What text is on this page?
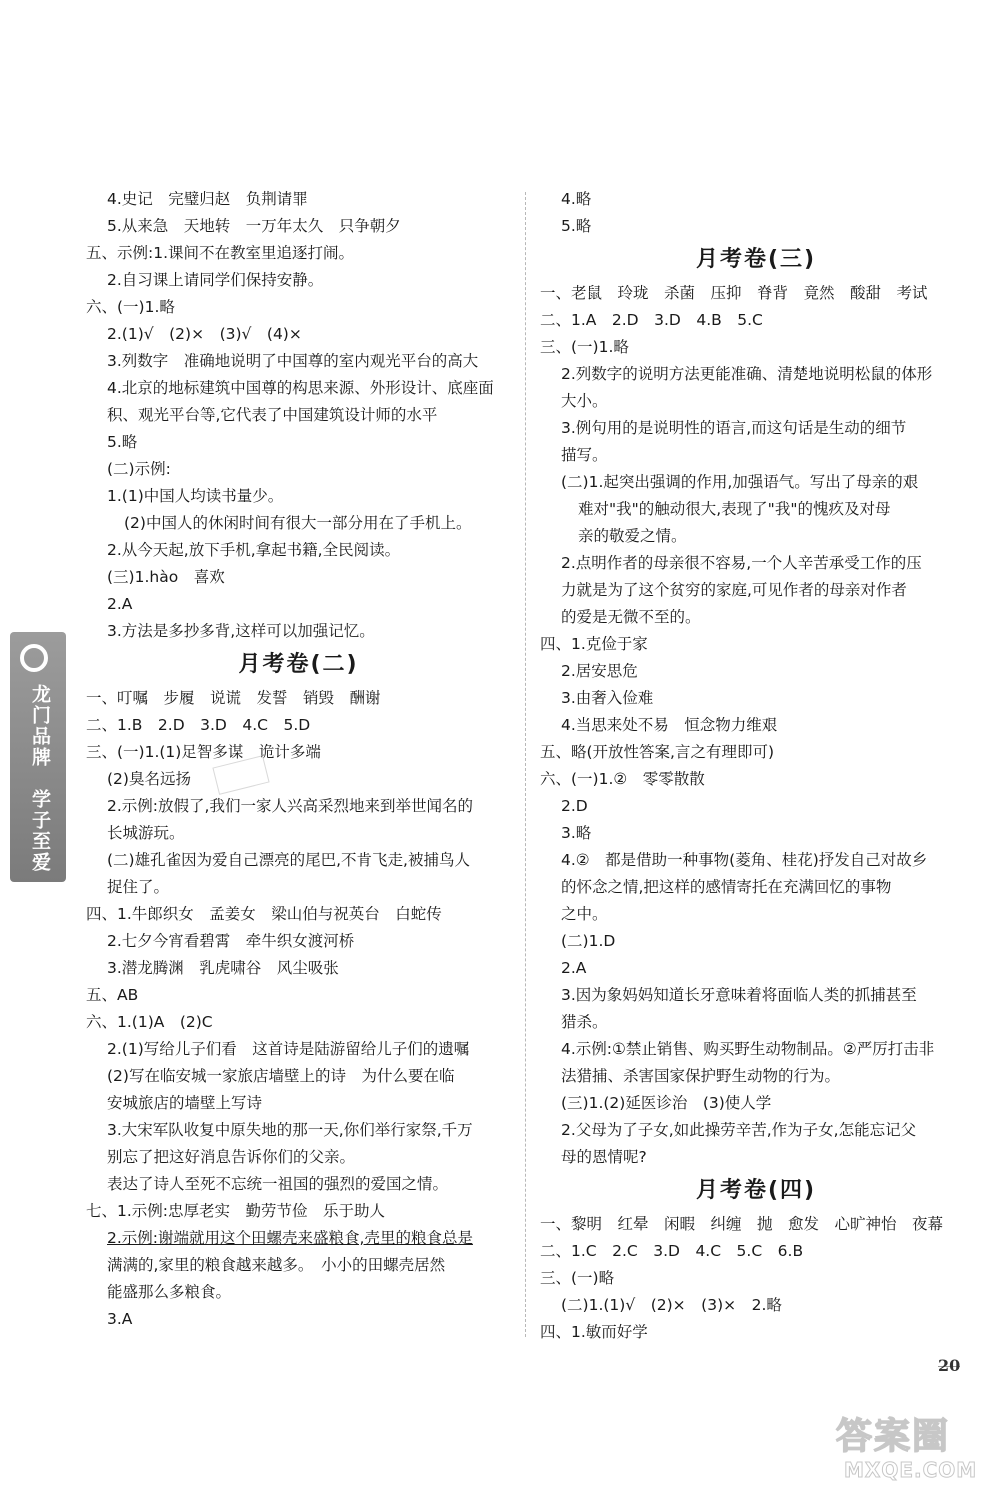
4.史记　完璧归赵　负荆请罪
5.从来急　天地转　一万年太久　只争朝夕
五、示例:1.课间不在教室里追逐打闹。
2.自习课上请同学们保持安静。
六、(一)1.略
2.(1)√　(2)×　(3)√　(4)×
3.列数字　准确地说明了中国尊的室内观光平台的高大
4.北京的地标建筑中国尊的构思来源、外形设计、底座面
积、观光平台等,它代表了中国建筑设计师的水平
5.略
(二)示例:
1.(1)中国人均读书量少。
(2)中国人的休闲时间有很大一部分用在了手机上。
2.从今天起,放下手机,拿起书籍,全民阅读。
(三)1.hào　喜欢
2.A
3.方法是多抄多背,这样可以加强记忆。
月考卷(二)
一、叮嘱　步履　说谎　发誓　销毁　酬谢
二、1.B　2.D　3.D　4.C　5.D
三、(一)1.(1)足智多谋　诡计多端
(2)臭名远扬
2.示例:放假了,我们一家人兴高采烈地来到举世闻名的
长城游玩。
(二)雄孔雀因为爱自己漂亮的尾巴,不肯飞走,被捕鸟人
捉住了。
四、1.牛郎织女　孟姜女　梁山伯与祝英台　白蛇传
2.七夕今宵看碧霄　牵牛织女渡河桥
3.潜龙腾渊　乳虎啸谷　风尘吸张
五、AB
六、1.(1)A　(2)C
2.(1)写给儿子们看　这首诗是陆游留给儿子们的遗嘱
(2)写在临安城一家旅店墙壁上的诗　为什么要在临
安城旅店的墙壁上写诗
3.大宋军队收复中原失地的那一天,你们举行家祭,千万
别忘了把这好消息告诉你们的父亲。
表达了诗人至死不忘统一祖国的强烈的爱国之情。
七、1.示例:忠厚老实　勤劳节俭　乐于助人
2.示例:谢端就用这个田螺壳来盛粮食,壳里的粮食总是
满满的,家里的粮食越来越多。　小小的田螺壳居然
能盛那么多粮食。
3.A
4.略
5.略
月考卷(三)
一、老鼠　玲珑　杀菌　压抑　脊背　竟然　酸甜　考试
二、1.A　2.D　3.D　4.B　5.C
三、(一)1.略
2.列数字的说明方法更能准确、清楚地说明松鼠的体形
大小。
3.例句用的是说明性的语言,而这句话是生动的细节
描写。
(二)1.起突出强调的作用,加强语气。写出了母亲的艰
难对"我"的触动很大,表现了"我"的愧疚及对母
亲的敬爱之情。
2.点明作者的母亲很不容易,一个人辛苦承受工作的压
力就是为了这个贫穷的家庭,可见作者的母亲对作者
的爱是无微不至的。
四、1.克俭于家
2.居安思危
3.由奢入俭难
4.当思来处不易　恒念物力维艰
五、略(开放性答案,言之有理即可)
六、(一)1.②　零零散散
2.D
3.略
4.②　都是借助一种事物(菱角、桂花)抒发自己对故乡
的怀念之情,把这样的感情寄托在充满回忆的事物
之中。
(二)1.D
2.A
3.因为象妈妈知道长牙意味着将面临人类的抓捕甚至
猎杀。
4.示例:①禁止销售、购买野生动物制品。②严厉打击非
法猎捕、杀害国家保护野生动物的行为。
(三)1.(2)延医诊治　(3)使人学
2.父母为了子女,如此操劳辛苦,作为子女,怎能忘记父
母的恩情呢?
月考卷(四)
一、黎明　红晕　闲暇　纠缠　抛　愈发　心旷神怡　夜幕
二、1.C　2.C　3.D　4.C　5.C　6.B
三、(一)略
(二)1.(1)√　(2)×　(3)×　2.略
四、1.敏而好学
龙门品牌　学子至爱
20
答案圈
MXQE.COM
